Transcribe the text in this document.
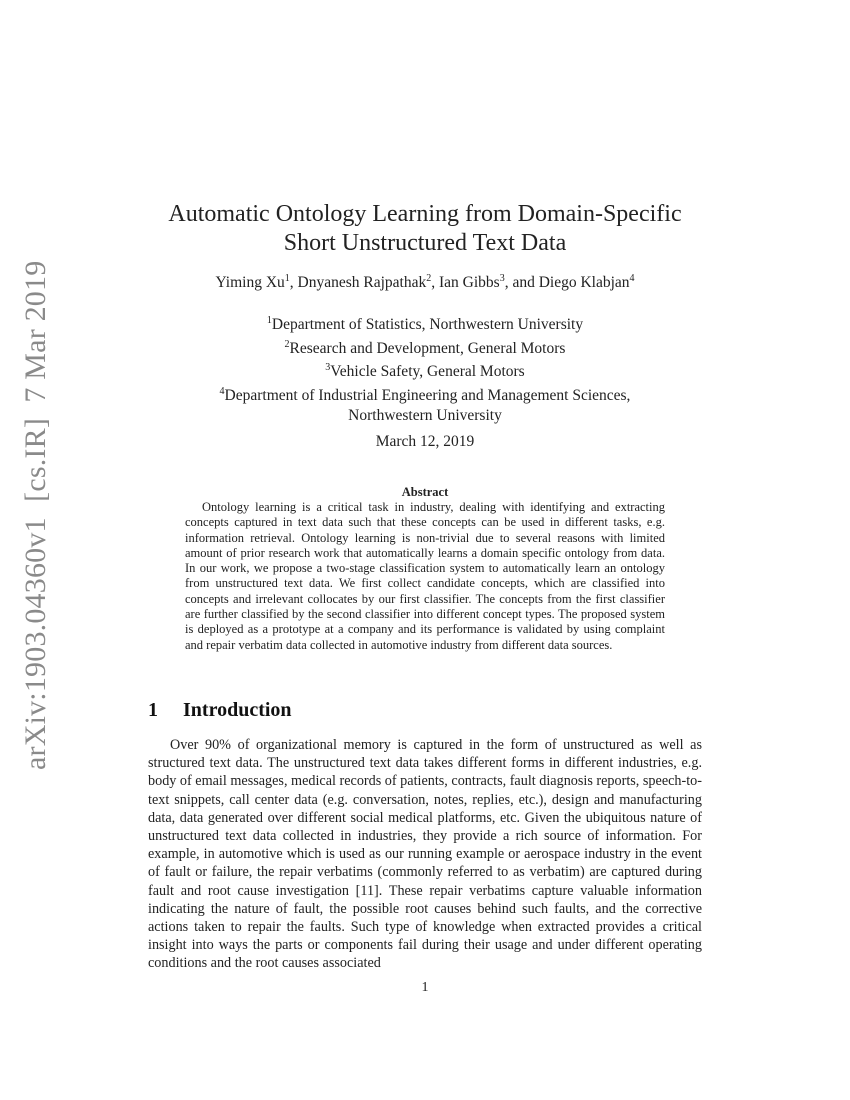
arXiv:1903.04360v1  [cs.IR]  7 Mar 2019
Automatic Ontology Learning from Domain-Specific
Short Unstructured Text Data
Yiming Xu$^1$, Dnyanesh Rajpathak$^2$, Ian Gibbs$^3$, and Diego Klabjan$^4$
$^1$Department of Statistics, Northwestern University
$^2$Research and Development, General Motors
$^3$Vehicle Safety, General Motors
$^4$Department of Industrial Engineering and Management Sciences,
Northwestern University
March 12, 2019
Abstract
Ontology learning is a critical task in industry, dealing with identifying and extracting concepts captured in text data such that these concepts can be used in different tasks, e.g. information retrieval. Ontology learning is non-trivial due to several reasons with limited amount of prior research work that automatically learns a domain specific ontology from data. In our work, we propose a two-stage classification system to automatically learn an ontology from unstructured text data. We first collect candidate concepts, which are classified into concepts and irrelevant collocates by our first classifier. The concepts from the first classifier are further classified by the second classifier into different concept types. The proposed system is deployed as a prototype at a company and its performance is validated by using complaint and repair verbatim data collected in automotive industry from different data sources.
1 Introduction
Over 90% of organizational memory is captured in the form of unstructured as well as structured text data. The unstructured text data takes different forms in different industries, e.g. body of email messages, medical records of patients, contracts, fault diagnosis reports, speech-to-text snippets, call center data (e.g. conversation, notes, replies, etc.), design and manufacturing data, data generated over different social medical platforms, etc. Given the ubiquitous nature of unstructured text data collected in industries, they provide a rich source of information. For example, in automotive which is used as our running example or aerospace industry in the event of fault or failure, the repair verbatims (commonly referred to as verbatim) are captured during fault and root cause investigation [11]. These repair verbatims capture valuable information indicating the nature of fault, the possible root causes behind such faults, and the corrective actions taken to repair the faults. Such type of knowledge when extracted provides a critical insight into ways the parts or components fail during their usage and under different operating conditions and the root causes associated
1
